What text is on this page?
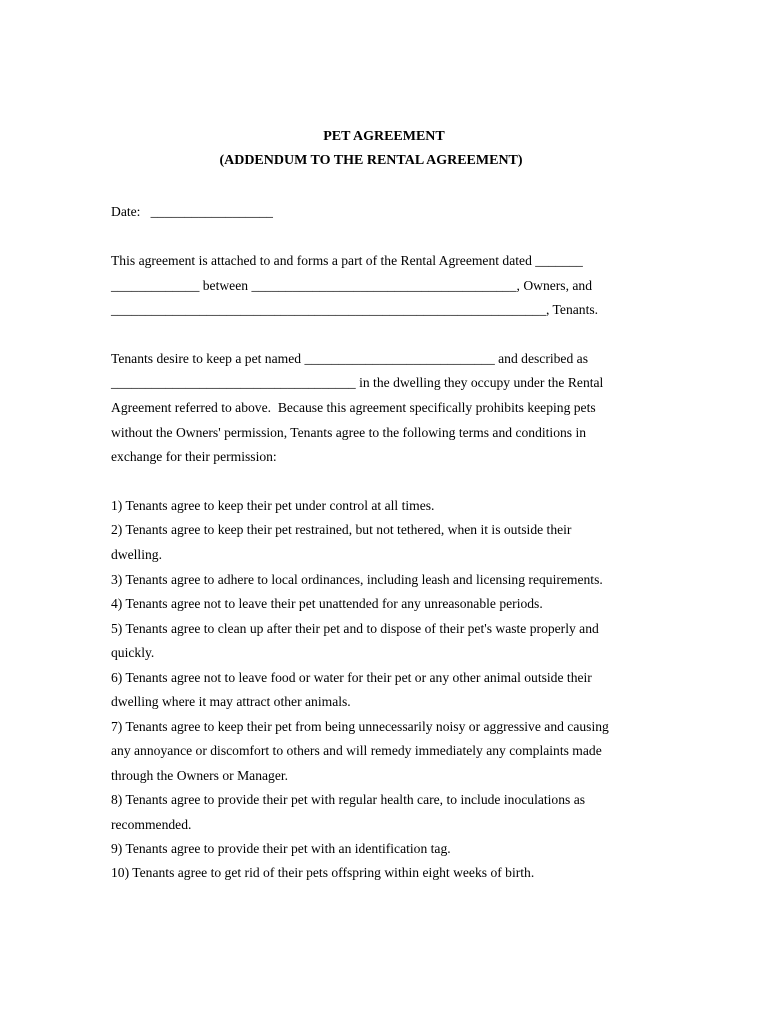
PET AGREEMENT
(ADDENDUM TO THE RENTAL AGREEMENT)
Date:   __________________
This agreement is attached to and forms a part of the Rental Agreement dated _______
_____________ between _______________________________________, Owners, and
________________________________________________________________, Tenants.
Tenants desire to keep a pet named ____________________________ and described as
____________________________________ in the dwelling they occupy under the Rental
Agreement referred to above.  Because this agreement specifically prohibits keeping pets
without the Owners' permission, Tenants agree to the following terms and conditions in
exchange for their permission:
1) Tenants agree to keep their pet under control at all times.
2) Tenants agree to keep their pet restrained, but not tethered, when it is outside their
dwelling.
3) Tenants agree to adhere to local ordinances, including leash and licensing requirements.
4) Tenants agree not to leave their pet unattended for any unreasonable periods.
5) Tenants agree to clean up after their pet and to dispose of their pet's waste properly and
quickly.
6) Tenants agree not to leave food or water for their pet or any other animal outside their
dwelling where it may attract other animals.
7) Tenants agree to keep their pet from being unnecessarily noisy or aggressive and causing
any annoyance or discomfort to others and will remedy immediately any complaints made
through the Owners or Manager.
8) Tenants agree to provide their pet with regular health care, to include inoculations as
recommended.
9) Tenants agree to provide their pet with an identification tag.
10) Tenants agree to get rid of their pets offspring within eight weeks of birth.
